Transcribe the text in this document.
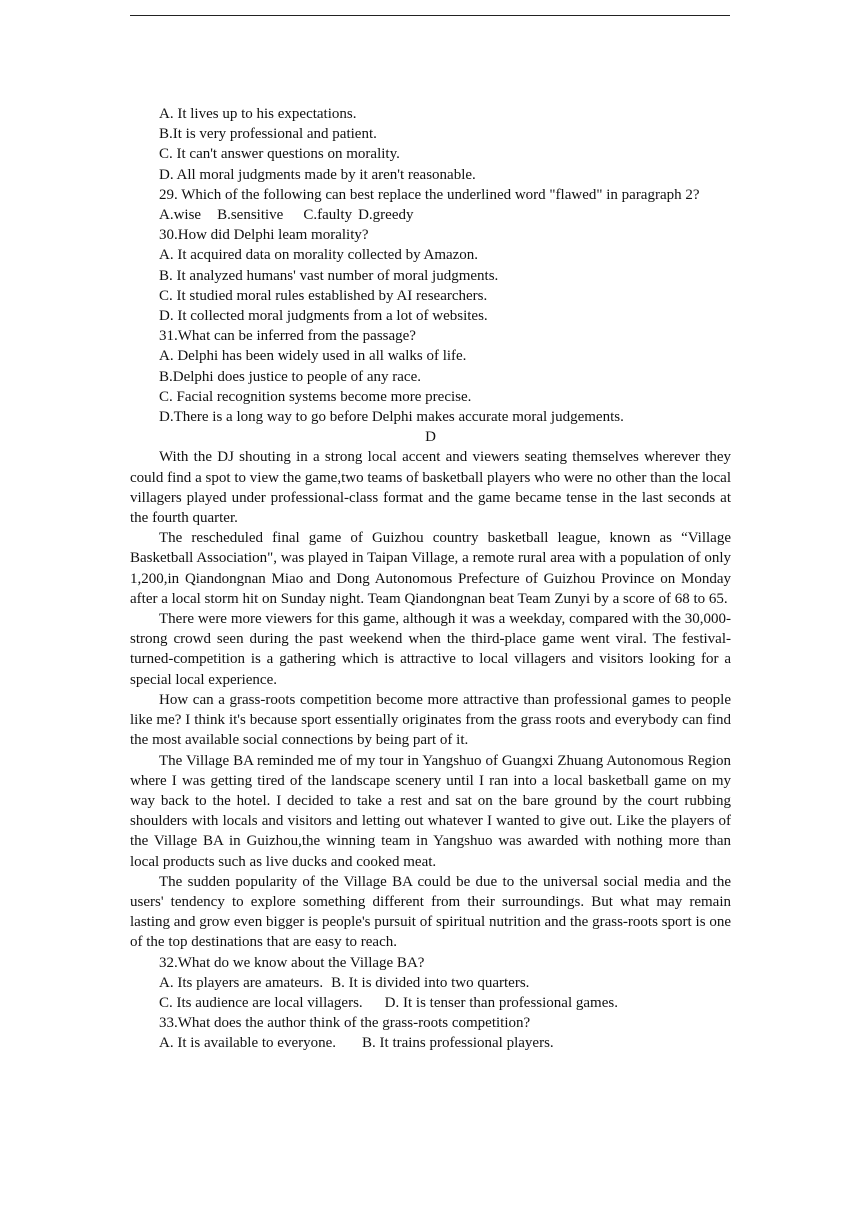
A. It lives up to his expectations.

B.It is very professional and patient.

C. It can't answer questions on morality.

D. All moral judgments made by it aren't reasonable.

29. Which of the following can best replace the underlined word "flawed" in paragraph 2?

A.wise B.sensitive C.faulty D.greedy

30.How did Delphi leam morality?

A. It acquired data on morality collected by Amazon.

B. It analyzed humans' vast number of moral judgments.

C. It studied moral rules established by AI researchers.

D. It collected moral judgments from a lot of websites.

31.What can be inferred from the passage?

A. Delphi has been widely used in all walks of life.

B.Delphi does justice to people of any race.

C. Facial recognition systems become more precise.

D.There is a long way to go before Delphi makes accurate moral judgements.

D

With the DJ shouting in a strong local accent and viewers seating themselves wherever they could find a spot to view the game,two teams of basketball players who were no other than the local villagers played under professional-class format and the game became tense in the last seconds at the fourth quarter.

The rescheduled final game of Guizhou country basketball league, known as “Village Basketball Association", was played in Taipan Village, a remote rural area with a population of only 1,200,in Qiandongnan Miao and Dong Autonomous Prefecture of Guizhou Province on Monday after a local storm hit on Sunday night. Team Qiandongnan beat Team Zunyi by a score of 68 to 65.

There were more viewers for this game, although it was a weekday, compared with the 30,000-strong crowd seen during the past weekend when the third-place game went viral. The festival-turned-competition is a gathering which is attractive to local villagers and visitors looking for a special local experience.

How can a grass-roots competition become more attractive than professional games to people like me? I think it's because sport essentially originates from the grass roots and everybody can find the most available social connections by being part of it.

The Village BA reminded me of my tour in Yangshuo of Guangxi Zhuang Autonomous Region where I was getting tired of the landscape scenery until I ran into a local basketball game on my way back to the hotel. I decided to take a rest and sat on the bare ground by the court rubbing shoulders with locals and visitors and letting out whatever I wanted to give out. Like the players of the Village BA in Guizhou,the winning team in Yangshuo was awarded with nothing more than local products such as live ducks and cooked meat.

The sudden popularity of the Village BA could be due to the universal social media and the users' tendency to explore something different from their surroundings. But what may remain lasting and grow even bigger is people's pursuit of spiritual nutrition and the grass-roots sport is one of the top destinations that are easy to reach.

32.What do we know about the Village BA?

A. Its players are amateurs. B. It is divided into two quarters.

C. Its audience are local villagers. D. It is tenser than professional games.

33.What does the author think of the grass-roots competition?

A. It is available to everyone. B. It trains professional players.
